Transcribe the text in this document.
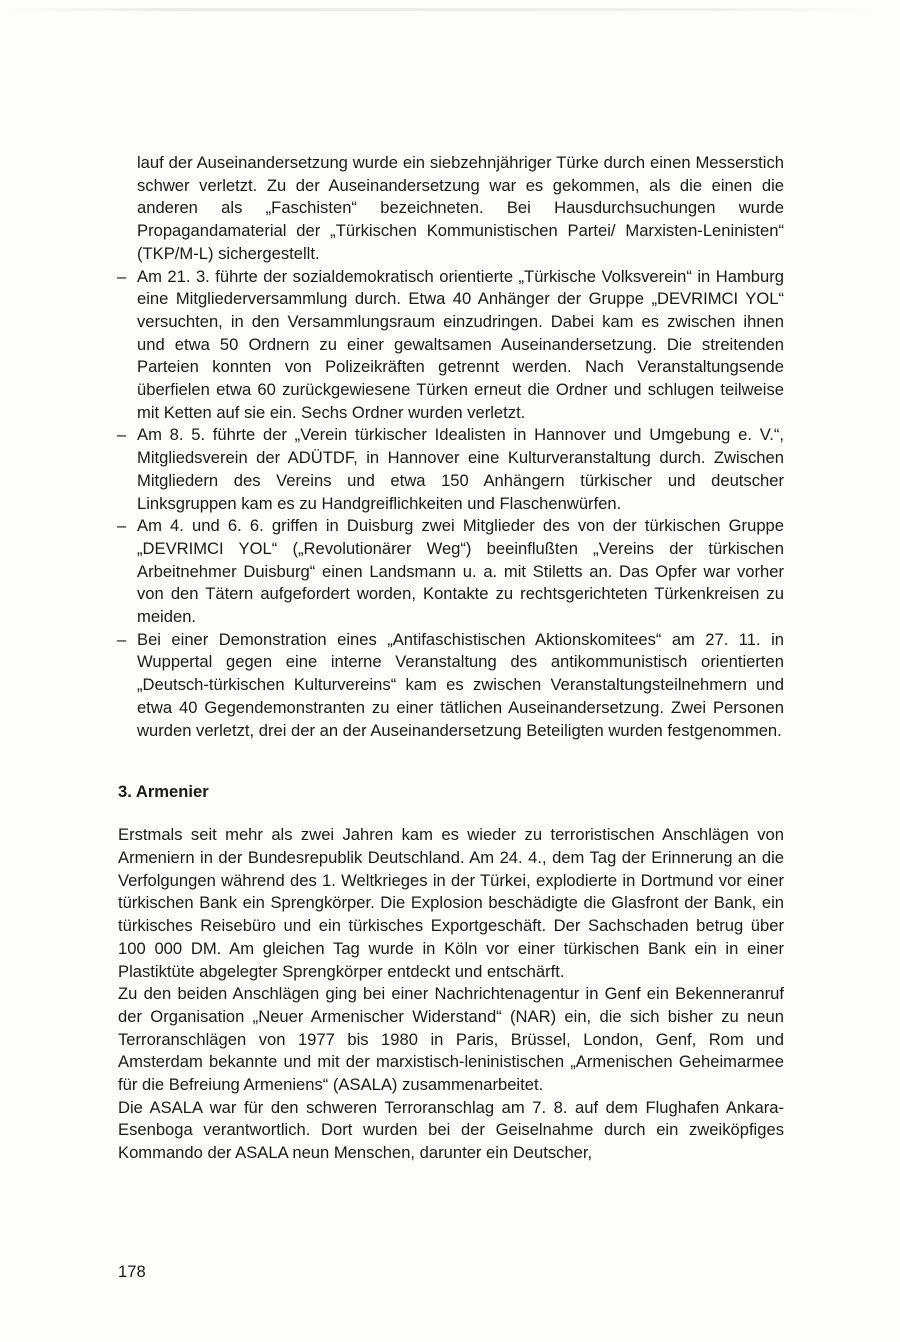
lauf der Auseinandersetzung wurde ein siebzehnjähriger Türke durch einen Messerstich schwer verletzt. Zu der Auseinandersetzung war es gekommen, als die einen die anderen als „Faschisten“ bezeichneten. Bei Hausdurchsuchungen wurde Propagandamaterial der „Türkischen Kommunistischen Partei/ Marxisten-Leninisten“ (TKP/M-L) sichergestellt.

– Am 21. 3. führte der sozialdemokratisch orientierte „Türkische Volksverein“ in Hamburg eine Mitgliederversammlung durch. Etwa 40 Anhänger der Gruppe „DEVRIMCI YOL“ versuchten, in den Versammlungsraum einzudringen. Dabei kam es zwischen ihnen und etwa 50 Ordnern zu einer gewaltsamen Auseinandersetzung. Die streitenden Parteien konnten von Polizeikräften getrennt werden. Nach Veranstaltungsende überfielen etwa 60 zurückgewiesene Türken erneut die Ordner und schlugen teilweise mit Ketten auf sie ein. Sechs Ordner wurden verletzt.
– Am 8. 5. führte der „Verein türkischer Idealisten in Hannover und Umgebung e. V.“, Mitgliedsverein der ADÜTDF, in Hannover eine Kulturveranstaltung durch. Zwischen Mitgliedern des Vereins und etwa 150 Anhängern türkischer und deutscher Linksgruppen kam es zu Handgreiflichkeiten und Flaschenwürfen.
– Am 4. und 6. 6. griffen in Duisburg zwei Mitglieder des von der türkischen Gruppe „DEVRIMCI YOL“ („Revolutionärer Weg“) beeinflußten „Vereins der türkischen Arbeitnehmer Duisburg“ einen Landsmann u. a. mit Stiletts an. Das Opfer war vorher von den Tätern aufgefordert worden, Kontakte zu rechtsgerichteten Türkenkreisen zu meiden.
– Bei einer Demonstration eines „Antifaschistischen Aktionskomitees“ am 27. 11. in Wuppertal gegen eine interne Veranstaltung des antikommunistisch orientierten „Deutsch-türkischen Kulturvereins“ kam es zwischen Veranstaltungsteilnehmern und etwa 40 Gegendemonstranten zu einer tätlichen Auseinandersetzung. Zwei Personen wurden verletzt, drei der an der Auseinandersetzung Beteiligten wurden festgenommen.
3. Armenier

Erstmals seit mehr als zwei Jahren kam es wieder zu terroristischen Anschlägen von Armeniern in der Bundesrepublik Deutschland. Am 24. 4., dem Tag der Erinnerung an die Verfolgungen während des 1. Weltkrieges in der Türkei, explodierte in Dortmund vor einer türkischen Bank ein Sprengkörper. Die Explosion beschädigte die Glasfront der Bank, ein türkisches Reisebüro und ein türkisches Exportgeschäft. Der Sachschaden betrug über 100 000 DM. Am gleichen Tag wurde in Köln vor einer türkischen Bank ein in einer Plastiktüte abgelegter Sprengkörper entdeckt und entschärft.

Zu den beiden Anschlägen ging bei einer Nachrichtenagentur in Genf ein Bekenneranruf der Organisation „Neuer Armenischer Widerstand“ (NAR) ein, die sich bisher zu neun Terroranschlägen von 1977 bis 1980 in Paris, Brüssel, London, Genf, Rom und Amsterdam bekannte und mit der marxistisch-leninistischen „Armenischen Geheimarmee für die Befreiung Armeniens“ (ASALA) zusammenarbeitet.

Die ASALA war für den schweren Terroranschlag am 7. 8. auf dem Flughafen Ankara-Esenboga verantwortlich. Dort wurden bei der Geiselnahme durch ein zweiköpfiges Kommando der ASALA neun Menschen, darunter ein Deutscher,

178
